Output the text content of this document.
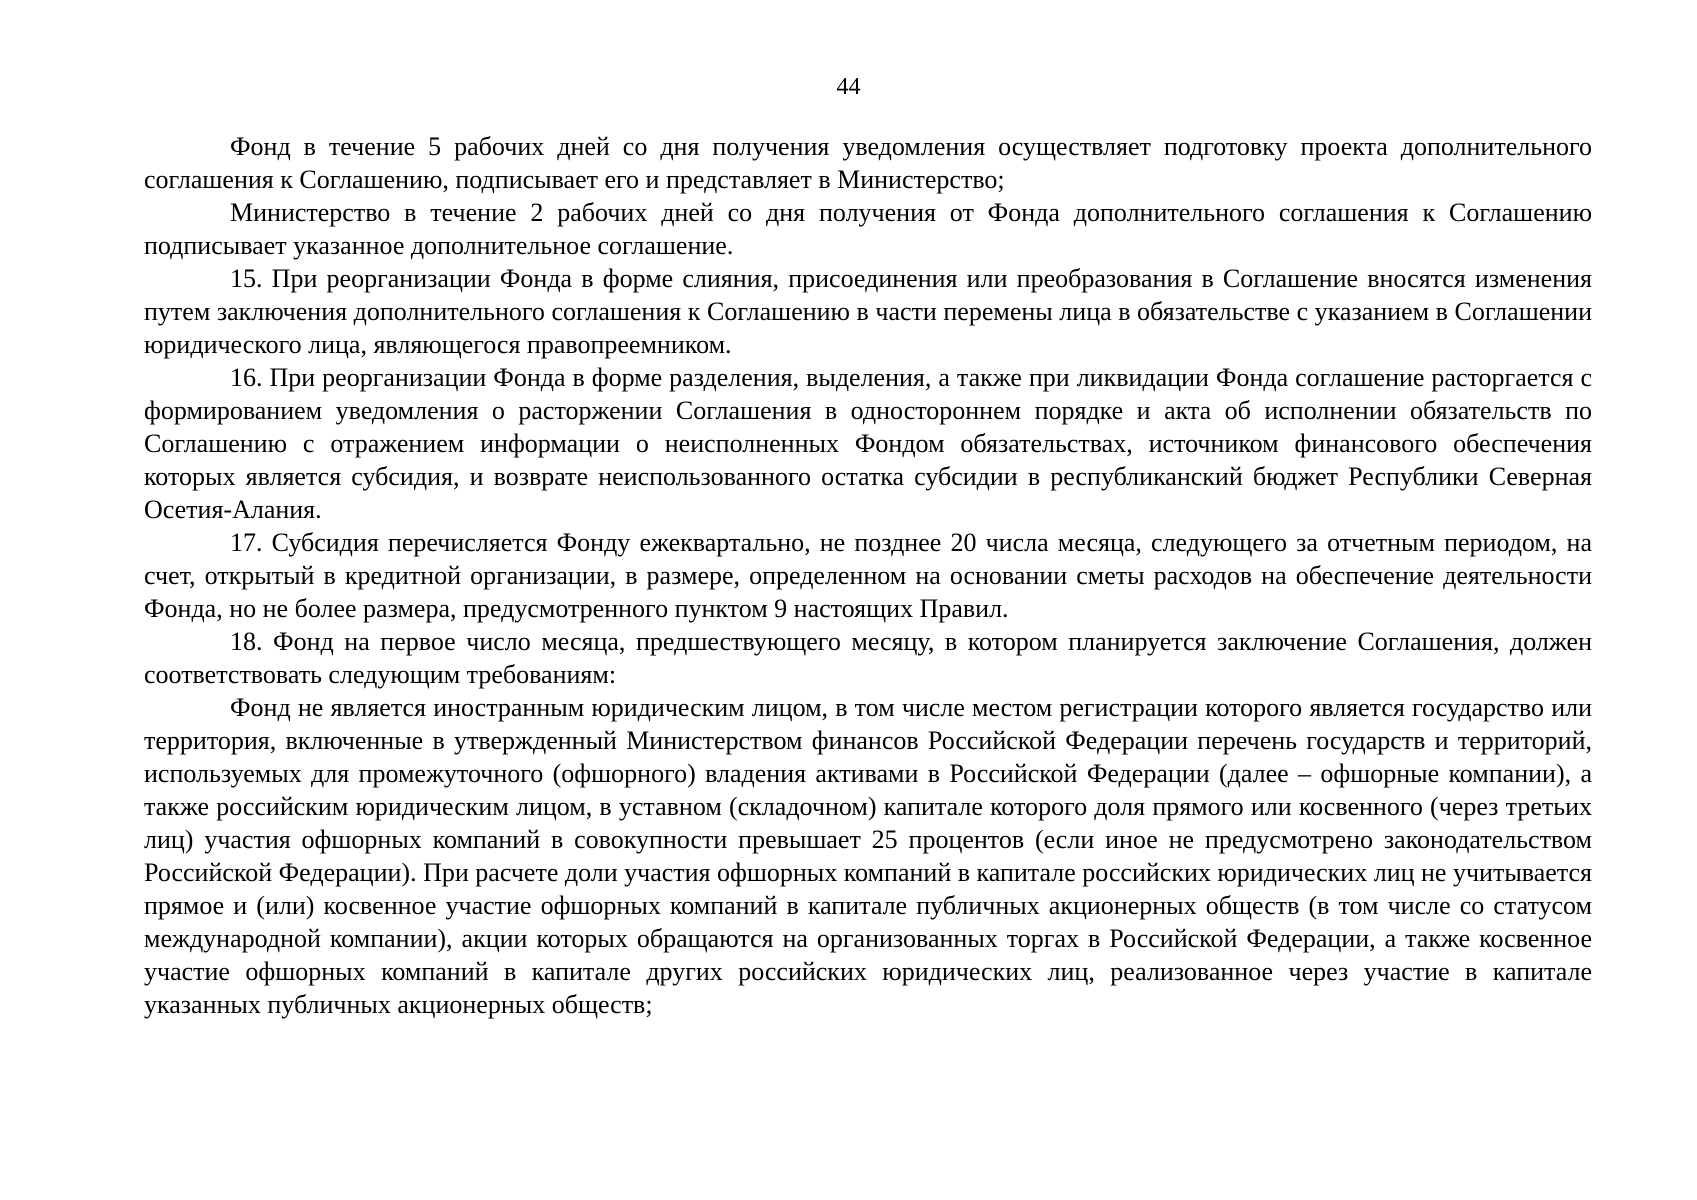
44

Фонд в течение 5 рабочих дней со дня получения уведомления осуществляет подготовку проекта дополнительного соглашения к Соглашению, подписывает его и представляет в Министерство;

Министерство в течение 2 рабочих дней со дня получения от Фонда дополнительного соглашения к Соглашению подписывает указанное дополнительное соглашение.

15. При реорганизации Фонда в форме слияния, присоединения или преобразования в Соглашение вносятся изменения путем заключения дополнительного соглашения к Соглашению в части перемены лица в обязательстве с указанием в Соглашении юридического лица, являющегося правопреемником.

16. При реорганизации Фонда в форме разделения, выделения, а также при ликвидации Фонда соглашение расторгается с формированием уведомления о расторжении Соглашения в одностороннем порядке и акта об исполнении обязательств по Соглашению с отражением информации о неисполненных Фондом обязательствах, источником финансового обеспечения которых является субсидия, и возврате неиспользованного остатка субсидии в республиканский бюджет Республики Северная Осетия-Алания.

17. Субсидия перечисляется Фонду ежеквартально, не позднее 20 числа месяца, следующего за отчетным периодом, на счет, открытый в кредитной организации, в размере, определенном на основании сметы расходов на обеспечение деятельности Фонда, но не более размера, предусмотренного пунктом 9 настоящих Правил.

18. Фонд на первое число месяца, предшествующего месяцу, в котором планируется заключение Соглашения, должен соответствовать следующим требованиям:

Фонд не является иностранным юридическим лицом, в том числе местом регистрации которого является государство или территория, включенные в утвержденный Министерством финансов Российской Федерации перечень государств и территорий, используемых для промежуточного (офшорного) владения активами в Российской Федерации (далее – офшорные компании), а также российским юридическим лицом, в уставном (складочном) капитале которого доля прямого или косвенного (через третьих лиц) участия офшорных компаний в совокупности превышает 25 процентов (если иное не предусмотрено законодательством Российской Федерации). При расчете доли участия офшорных компаний в капитале российских юридических лиц не учитывается прямое и (или) косвенное участие офшорных компаний в капитале публичных акционерных обществ (в том числе со статусом международной компании), акции которых обращаются на организованных торгах в Российской Федерации, а также косвенное участие офшорных компаний в капитале других российских юридических лиц, реализованное через участие в капитале указанных публичных акционерных обществ;
